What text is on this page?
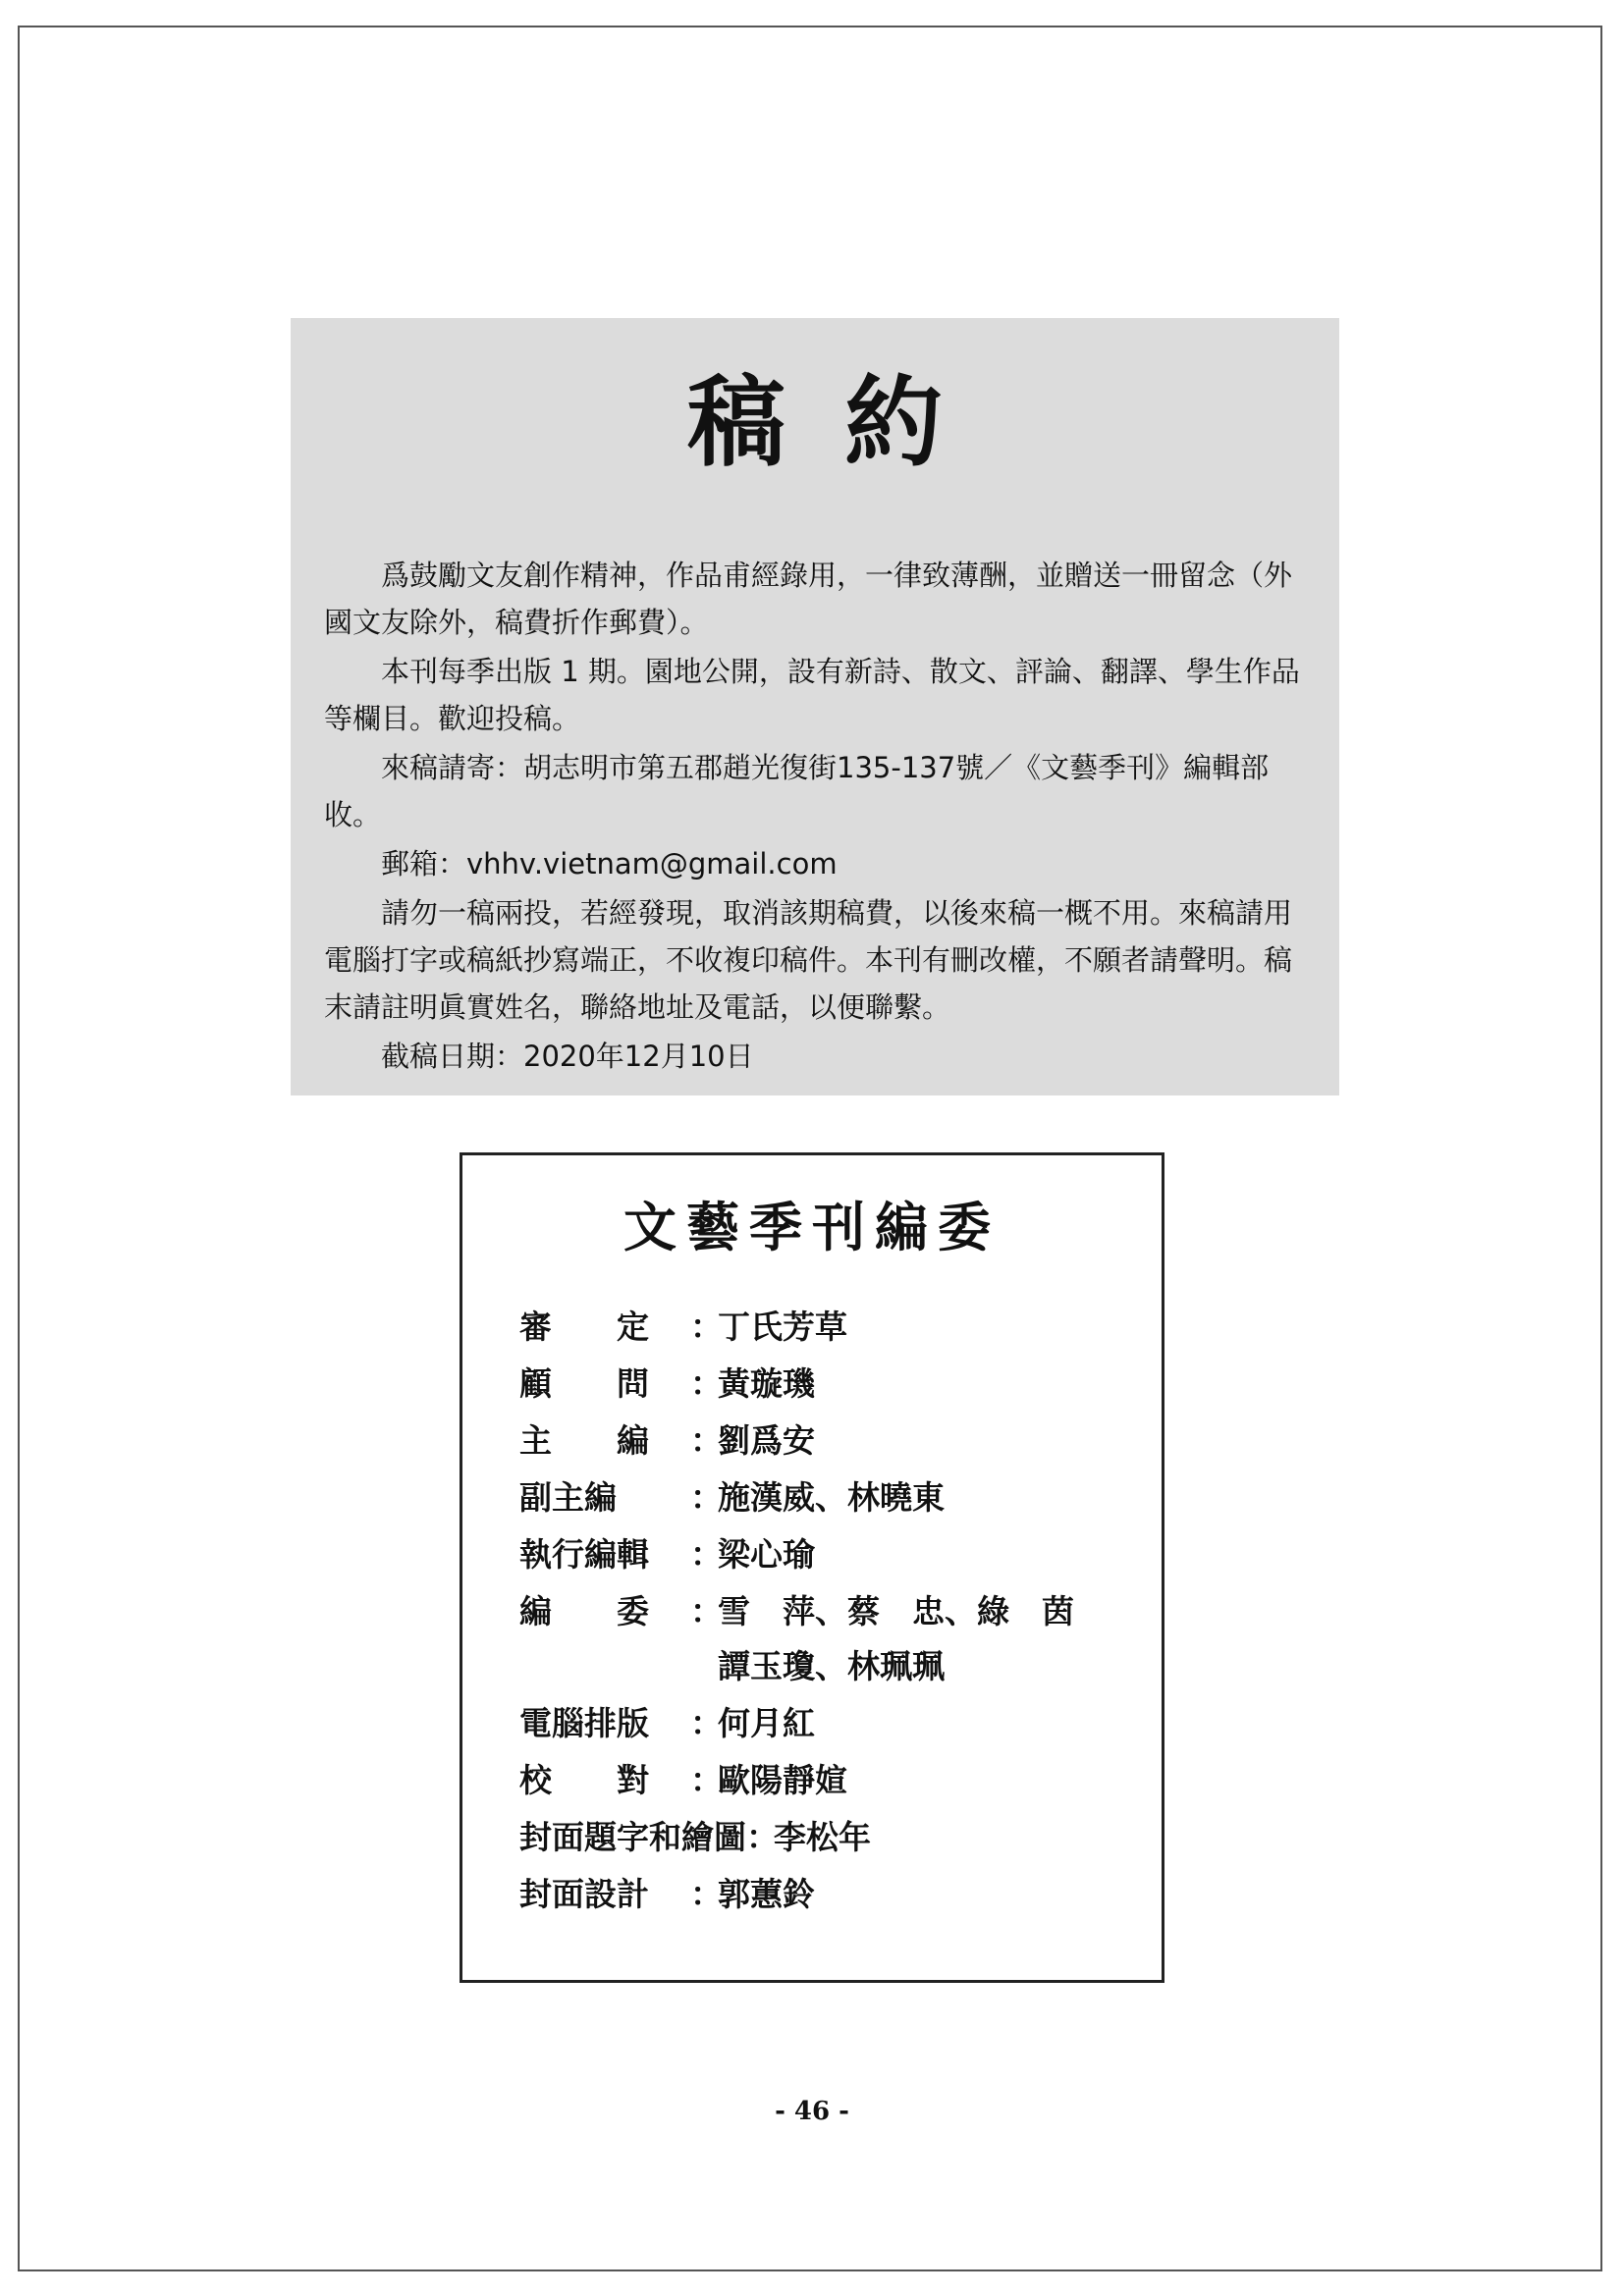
稿約

爲鼓勵文友創作精神，作品甫經錄用，一律致薄酬，並贈送一冊留念（外國文友除外，稿費折作郵費）。

本刊每季出版 1 期。園地公開，設有新詩、散文、評論、翻譯、學生作品等欄目。歡迎投稿。

來稿請寄：胡志明市第五郡趙光復街135-137號／《文藝季刊》編輯部收。

郵箱：vhhv.vietnam@gmail.com

請勿一稿兩投，若經發現，取消該期稿費，以後來稿一概不用。來稿請用電腦打字或稿紙抄寫端正，不收複印稿件。本刊有刪改權，不願者請聲明。稿末請註明眞實姓名，聯絡地址及電話，以便聯繫。

截稿日期：2020年12月10日

文藝季刊編委
審　　定	：
丁氏芳草
顧　　問	：
黃璇璣
主　　編	：
劉爲安
副主編　	：
施漢威、林曉東
執行編輯	：
梁心瑜
編　　委	：
雪　萍、蔡　忠、綠　茵
譚玉瓊、林珮珮
電腦排版	：
何月紅
校　　對	：
歐陽靜媗
封面題字和繪圖 ：
李松年
封面設計	：
郭蕙鈴
- 46 -
